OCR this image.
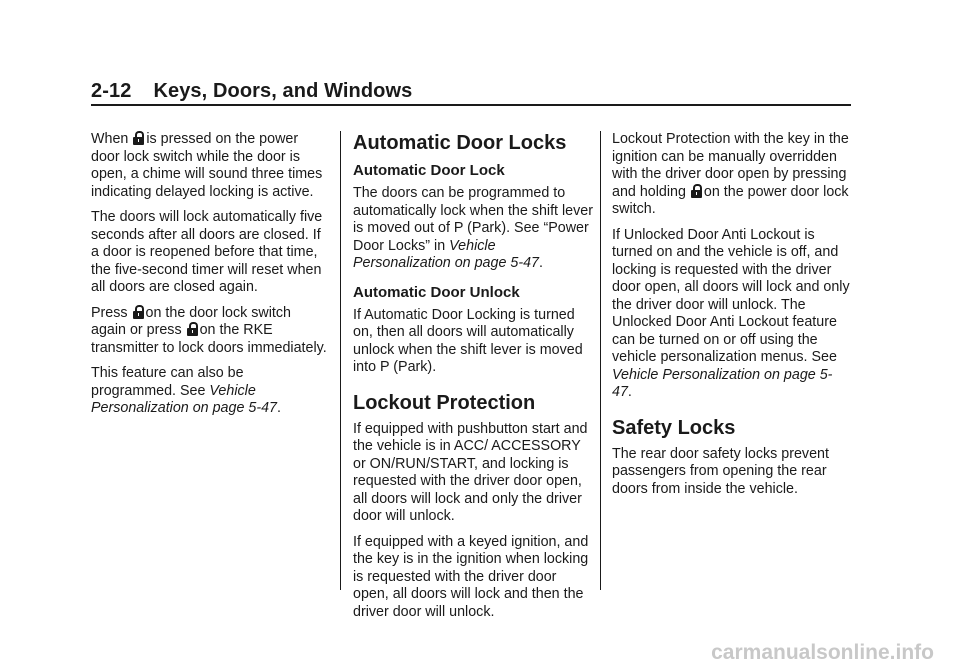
2-12 Keys, Doors, and Windows

When
is pressed on the power door lock switch while the door is open, a chime will sound three times indicating delayed locking is active.

The doors will lock automatically five seconds after all doors are closed. If a door is reopened before that time, the five-second timer will reset when all doors are closed again.

Press
on the door lock switch again or press
on the RKE transmitter to lock doors immediately.

This feature can also be programmed. See Vehicle Personalization on page 5-47.

Automatic Door Locks
Automatic Door Lock

The doors can be programmed to automatically lock when the shift lever is moved out of P (Park). See “Power Door Locks” in Vehicle Personalization on page 5-47.

Automatic Door Unlock

If Automatic Door Locking is turned on, then all doors will automatically unlock when the shift lever is moved into P (Park).

Lockout Protection

If equipped with pushbutton start and the vehicle is in ACC/ ACCESSORY or ON/RUN/START, and locking is requested with the driver door open, all doors will lock and only the driver door will unlock.

If equipped with a keyed ignition, and the key is in the ignition when locking is requested with the driver door open, all doors will lock and then the driver door will unlock.

Lockout Protection with the key in the ignition can be manually overridden with the driver door open by pressing and holding
on the power door lock switch.

If Unlocked Door Anti Lockout is turned on and the vehicle is off, and locking is requested with the driver door open, all doors will lock and only the driver door will unlock. The Unlocked Door Anti Lockout feature can be turned on or off using the vehicle personalization menus. See Vehicle Personalization on page 5-47.

Safety Locks

The rear door safety locks prevent passengers from opening the rear doors from inside the vehicle.

carmanualsonline.info
